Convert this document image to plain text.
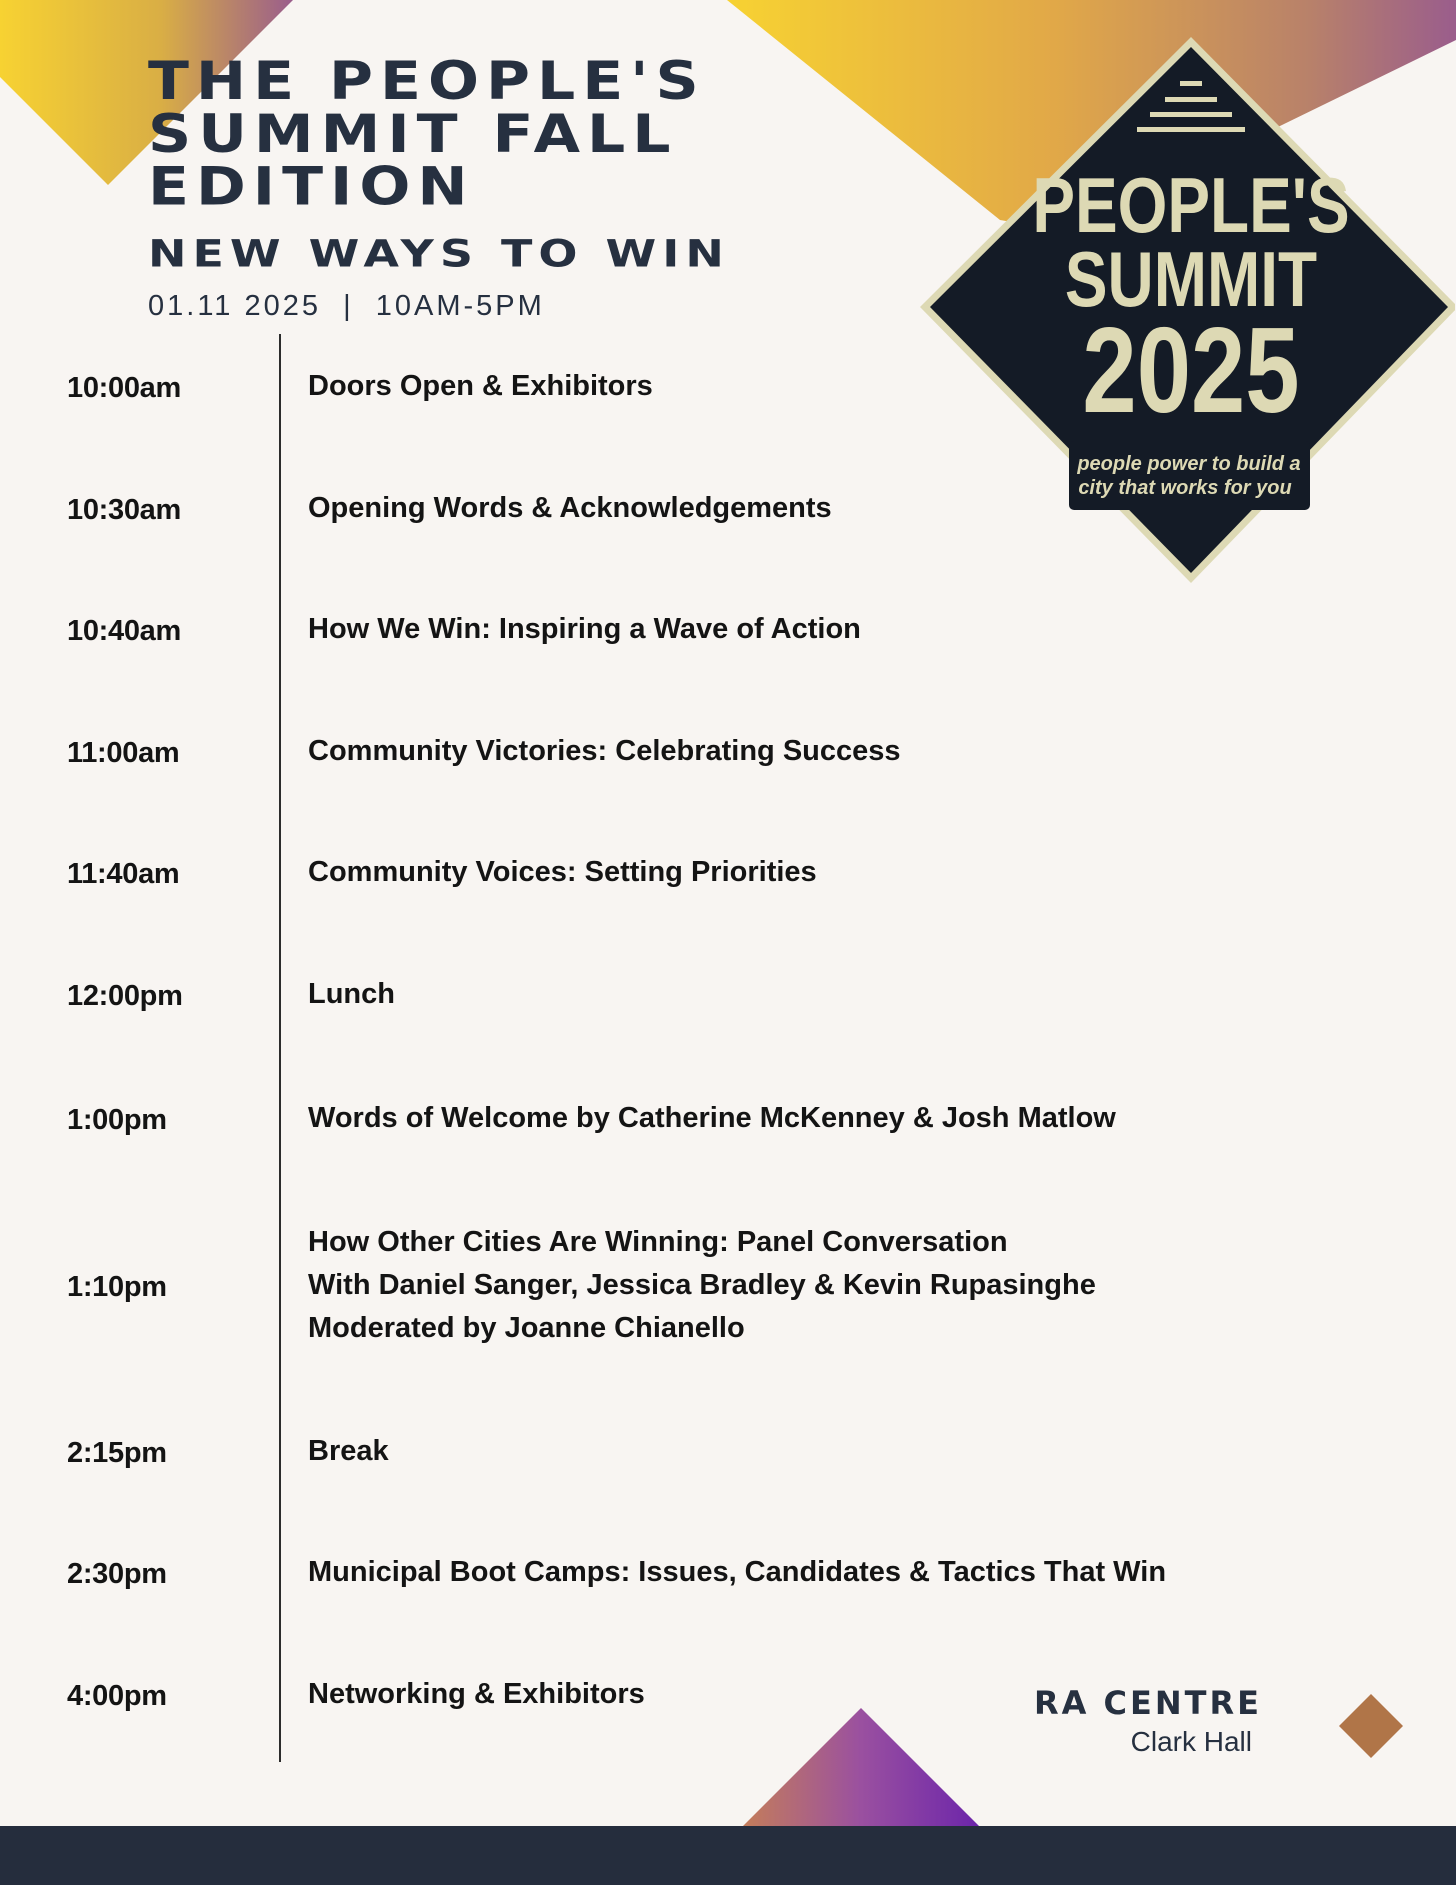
THE PEOPLE'S
SUMMIT FALL
EDITION
NEW WAYS TO WIN
01.11 2025  |  10AM-5PM
PEOPLE'S
SUMMIT
2025
people power to build a
city that works for you
10:00am	Doors Open & Exhibitors
10:30am	Opening Words & Acknowledgements
10:40am	How We Win: Inspiring a Wave of Action
11:00am	Community Victories: Celebrating Success
11:40am	Community Voices: Setting Priorities
12:00pm	Lunch
1:00pm	Words of Welcome by Catherine McKenney & Josh Matlow
1:10pm
How Other Cities Are Winning: Panel Conversation
With Daniel Sanger, Jessica Bradley & Kevin Rupasinghe
Moderated by Joanne Chianello
2:15pm	Break
2:30pm	Municipal Boot Camps: Issues, Candidates & Tactics That Win
4:00pm	Networking & Exhibitors	RA CENTRE
Clark Hall
